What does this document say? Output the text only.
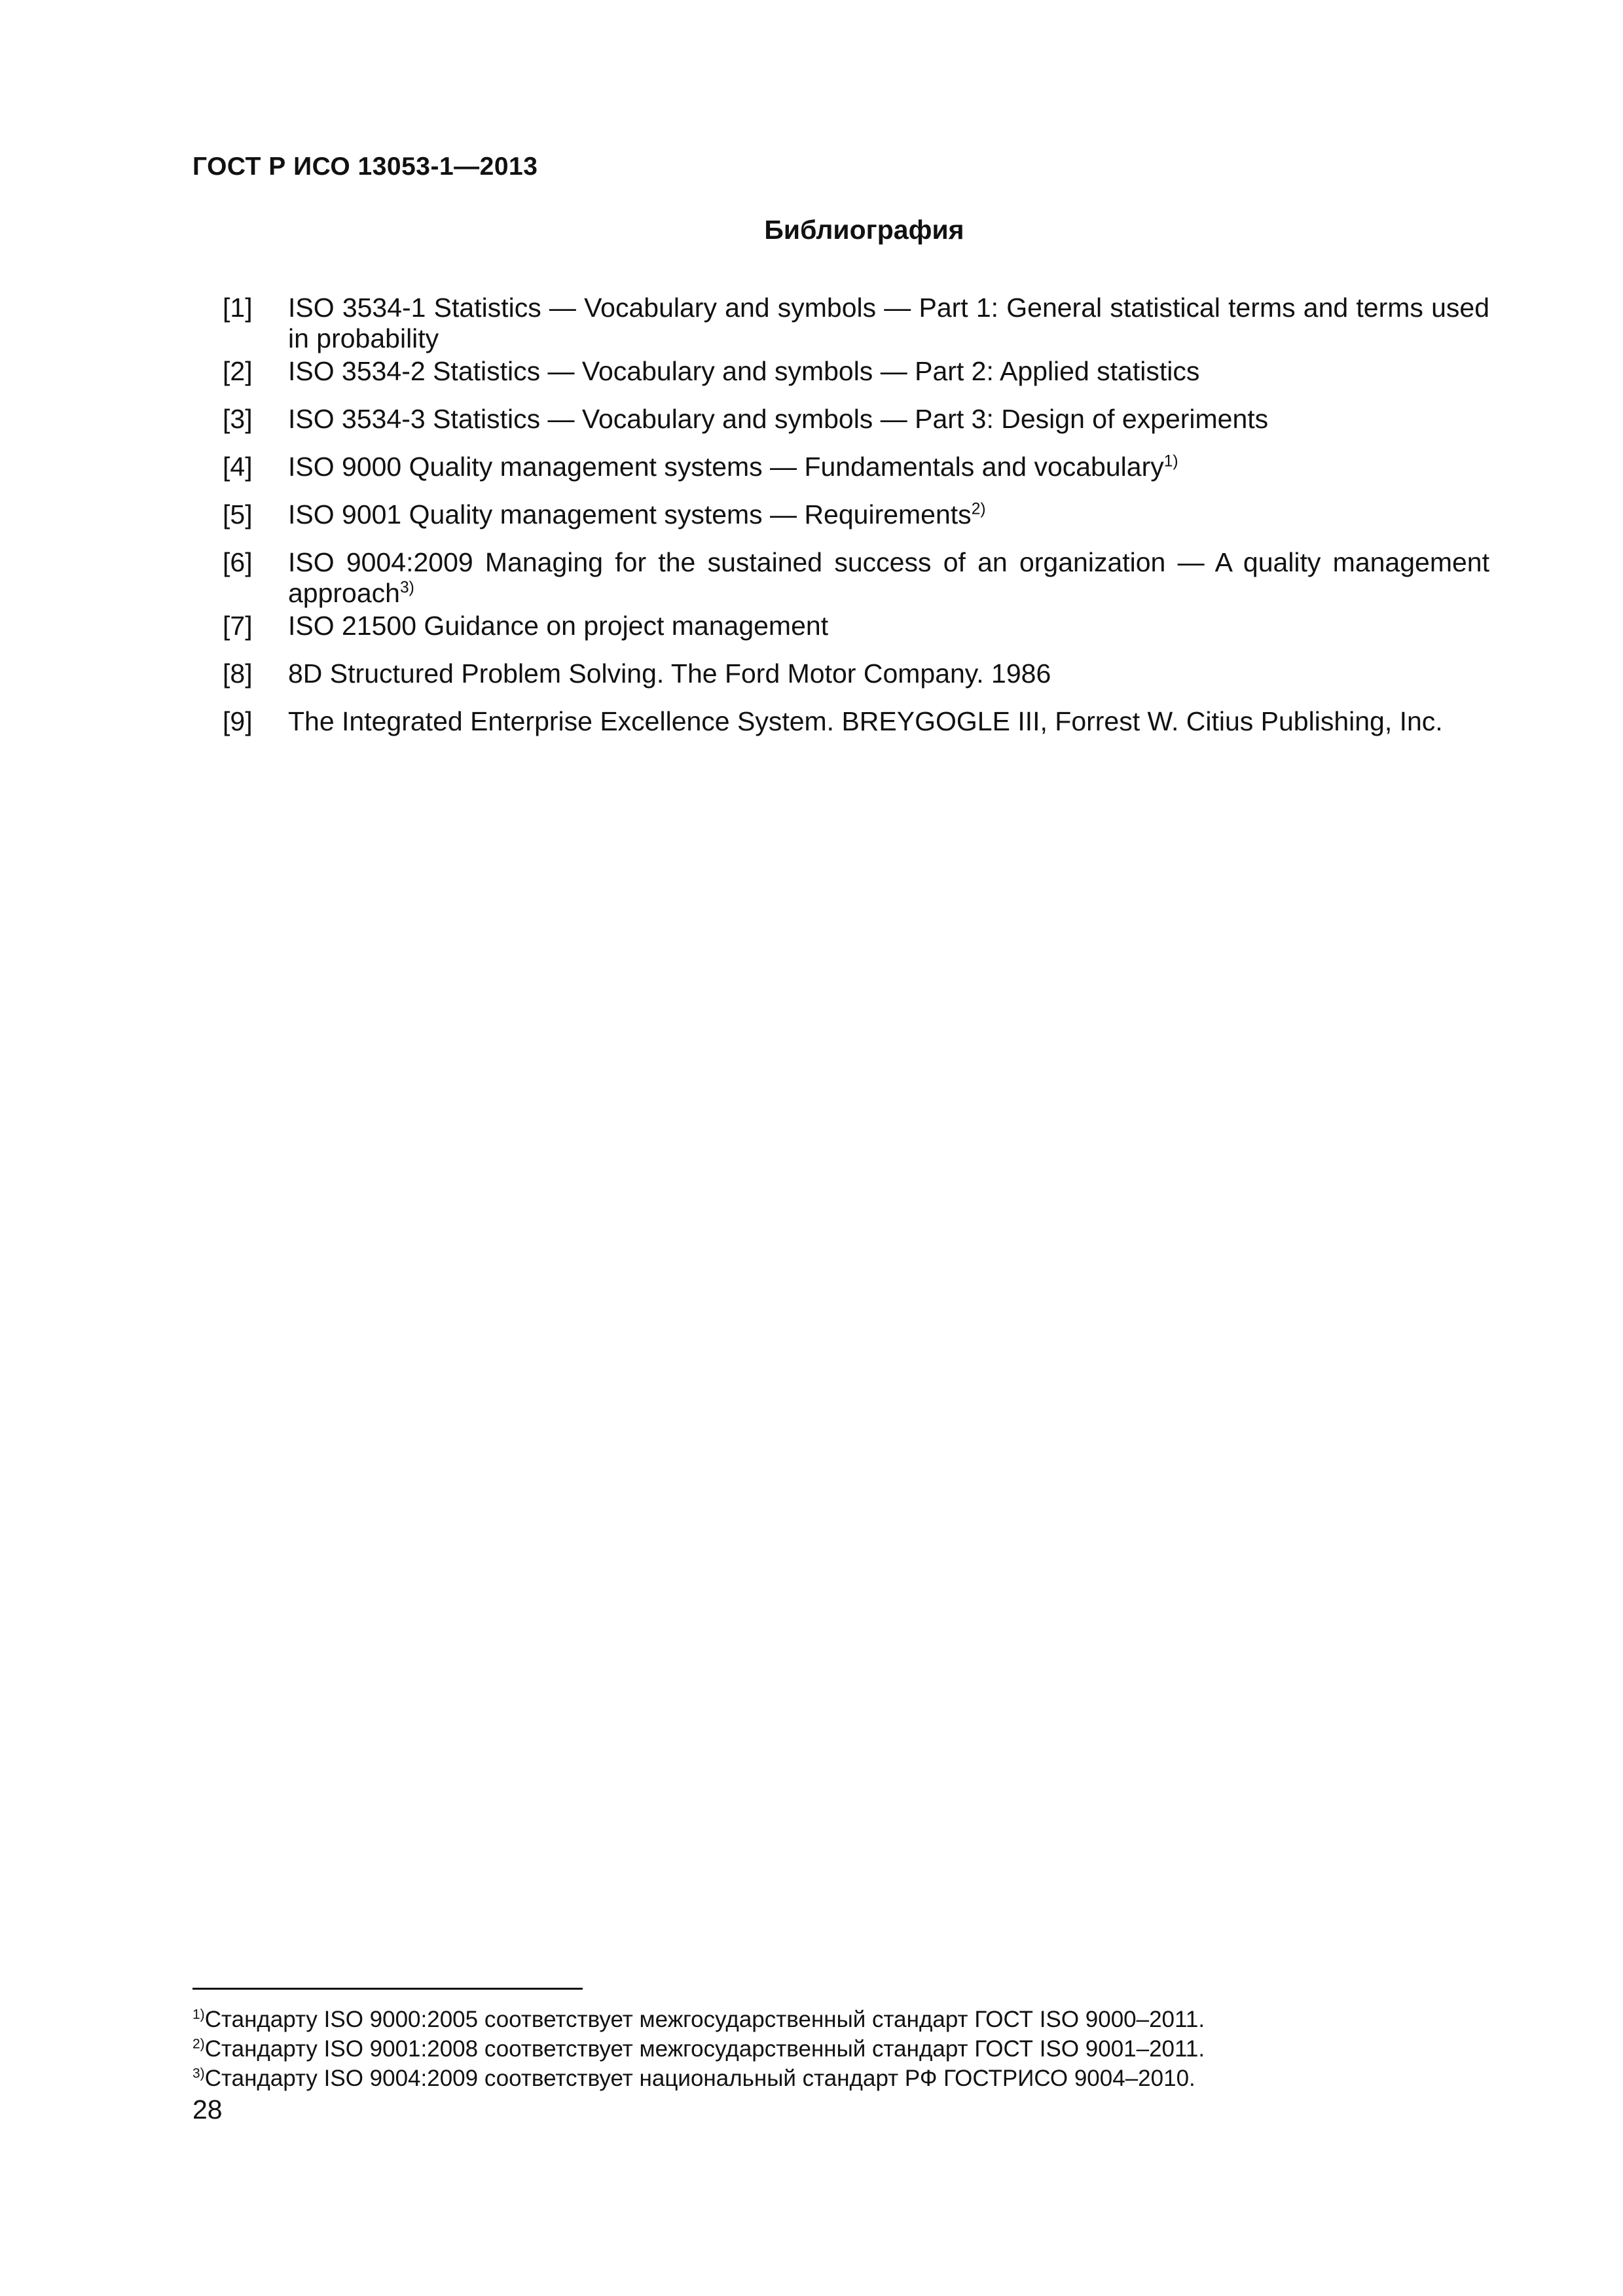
ГОСТ Р ИСО 13053-1—2013
Библиография
[1]	ISO 3534-1 Statistics — Vocabulary and symbols — Part 1: General statistical terms and terms used in probability
[2]	ISO 3534-2 Statistics — Vocabulary and symbols — Part 2: Applied statistics
[3]	ISO 3534-3 Statistics — Vocabulary and symbols — Part 3: Design of experiments
[4]	ISO 9000 Quality management systems — Fundamentals and vocabulary$^{1)}$
[5]	ISO 9001 Quality management systems — Requirements$^{2)}$
[6]	ISO 9004:2009 Managing for the sustained success of an organization — A quality management approach$^{3)}$
[7]	ISO 21500 Guidance on project management
[8]	8D Structured Problem Solving. The Ford Motor Company. 1986
[9]	The Integrated Enterprise Excellence System. BREYGOGLE III, Forrest W. Citius Publishing, Inc.
$^{1)}$Стандарту ISO 9000:2005 соответствует межгосударственный стандарт ГОСТ ISO 9000–2011.
$^{2)}$Стандарту ISO 9001:2008 соответствует межгосударственный стандарт ГОСТ ISO 9001–2011.
$^{3)}$Стандарту ISO 9004:2009 соответствует национальный стандарт РФ ГОСТРИСО 9004–2010.
28
